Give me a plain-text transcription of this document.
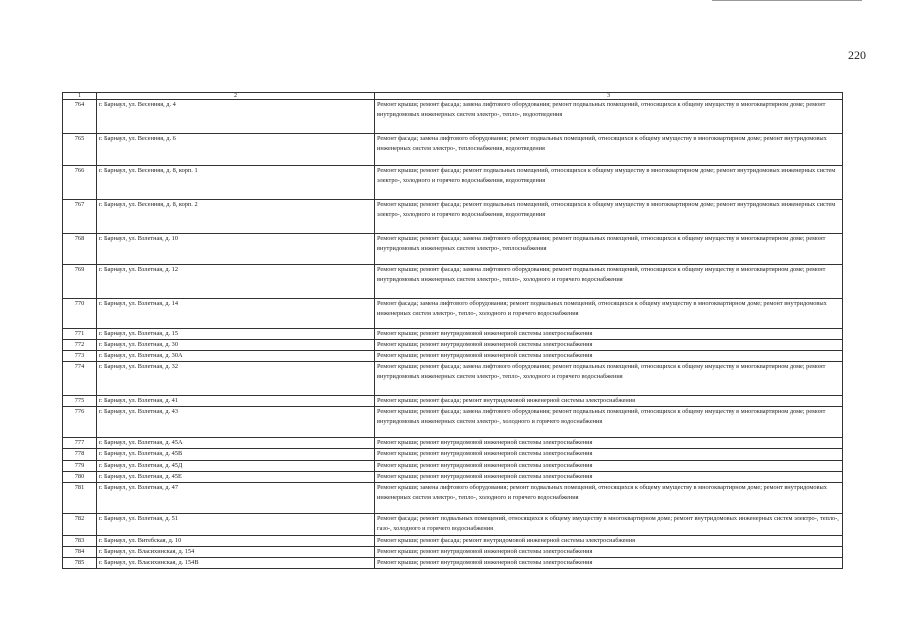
220
1	2	3
764	г. Барнаул, ул. Весенняя, д. 4	Ремонт крыши; ремонт фасада; замена лифтового оборудования; ремонт подвальных помещений, относящихся к общему имуществу в многоквартирном доме; ремонт внутридомовых инженерных систем электро-, тепло-, водоотведения
765	г. Барнаул, ул. Весенняя, д. 6	Ремонт фасада; замена лифтового оборудования; ремонт подвальных помещений, относящихся к общему имуществу в многоквартирном доме; ремонт внутридомовых инженерных систем электро-, теплоснабжения, водоотведения
766	г. Барнаул, ул. Весенняя, д. 8, корп. 1	Ремонт крыши; ремонт фасада; ремонт подвальных помещений, относящихся к общему имуществу в многоквартирном доме; ремонт внутридомовых инженерных систем электро-, холодного и горячего водоснабжения, водоотведения
767	г. Барнаул, ул. Весенняя, д. 8, корп. 2	Ремонт крыши; ремонт фасада; ремонт подвальных помещений, относящихся к общему имуществу в многоквартирном доме; ремонт внутридомовых инженерных систем электро-, холодного и горячего водоснабжения, водоотведения
768	г. Барнаул, ул. Взлетная, д. 10	Ремонт крыши; ремонт фасада; замена лифтового оборудования; ремонт подвальных помещений, относящихся к общему имуществу в многоквартирном доме; ремонт внутридомовых инженерных систем электро-, теплоснабжения
769	г. Барнаул, ул. Взлетная, д. 12	Ремонт крыши; ремонт фасада; замена лифтового оборудования; ремонт подвальных помещений, относящихся к общему имуществу в многоквартирном доме; ремонт внутридомовых инженерных систем электро-, тепло-, холодного и горячего водоснабжения
770	г. Барнаул, ул. Взлетная, д. 14	Ремонт фасада; замена лифтового оборудования; ремонт подвальных помещений, относящихся к общему имуществу в многоквартирном доме; ремонт внутридомовых инженерных систем электро-, тепло-, холодного и горячего водоснабжения
771	г. Барнаул, ул. Взлетная, д. 15	Ремонт крыши; ремонт внутридомовой инженерной системы электроснабжения
772	г. Барнаул, ул. Взлетная, д. 30	Ремонт крыши; ремонт внутридомовой инженерной системы электроснабжения
773	г. Барнаул, ул. Взлетная, д. 30А	Ремонт крыши; ремонт внутридомовой инженерной системы электроснабжения
774	г. Барнаул, ул. Взлетная, д. 32	Ремонт крыши; ремонт фасада; замена лифтового оборудования; ремонт подвальных помещений, относящихся к общему имуществу в многоквартирном доме; ремонт внутридомовых инженерных систем электро-, тепло-, холодного и горячего водоснабжения
775	г. Барнаул, ул. Взлетная, д. 41	Ремонт крыши; ремонт фасада; ремонт внутридомовой инженерной системы электроснабжения
776	г. Барнаул, ул. Взлетная, д. 43	Ремонт крыши; ремонт фасада; замена лифтового оборудования; ремонт подвальных помещений, относящихся к общему имуществу в многоквартирном доме; ремонт внутридомовых инженерных систем электро-, холодного и горячего водоснабжения
777	г. Барнаул, ул. Взлетная, д. 45А	Ремонт крыши; ремонт внутридомовой инженерной системы электроснабжения
778	г. Барнаул, ул. Взлетная, д. 45В	Ремонт крыши; ремонт внутридомовой инженерной системы электроснабжения
779	г. Барнаул, ул. Взлетная, д. 45Д	Ремонт крыши; ремонт внутридомовой инженерной системы электроснабжения
780	г. Барнаул, ул. Взлетная, д. 45Е	Ремонт крыши; ремонт внутридомовой инженерной системы электроснабжения
781	г. Барнаул, ул. Взлетная, д. 47	Ремонт крыши; замена лифтового оборудования; ремонт подвальных помещений, относящихся к общему имуществу в многоквартирном доме; ремонт внутридомовых инженерных систем электро-, тепло-, холодного и горячего водоснабжения
782	г. Барнаул, ул. Взлетная, д. 51	Ремонт фасада; ремонт подвальных помещений, относящихся к общему имуществу в многоквартирном доме; ремонт внутридомовых инженерных систем электро-, тепло-, газо-, холодного и горячего водоснабжения
783	г. Барнаул, ул. Витебская, д. 10	Ремонт крыши; ремонт фасада; ремонт внутридомовой инженерной системы электроснабжения
784	г. Барнаул, ул. Власихинская, д. 154	Ремонт крыши; ремонт внутридомовой инженерной системы электроснабжения
785	г. Барнаул, ул. Власихинская, д. 154В	Ремонт крыши; ремонт внутридомовой инженерной системы электроснабжения
